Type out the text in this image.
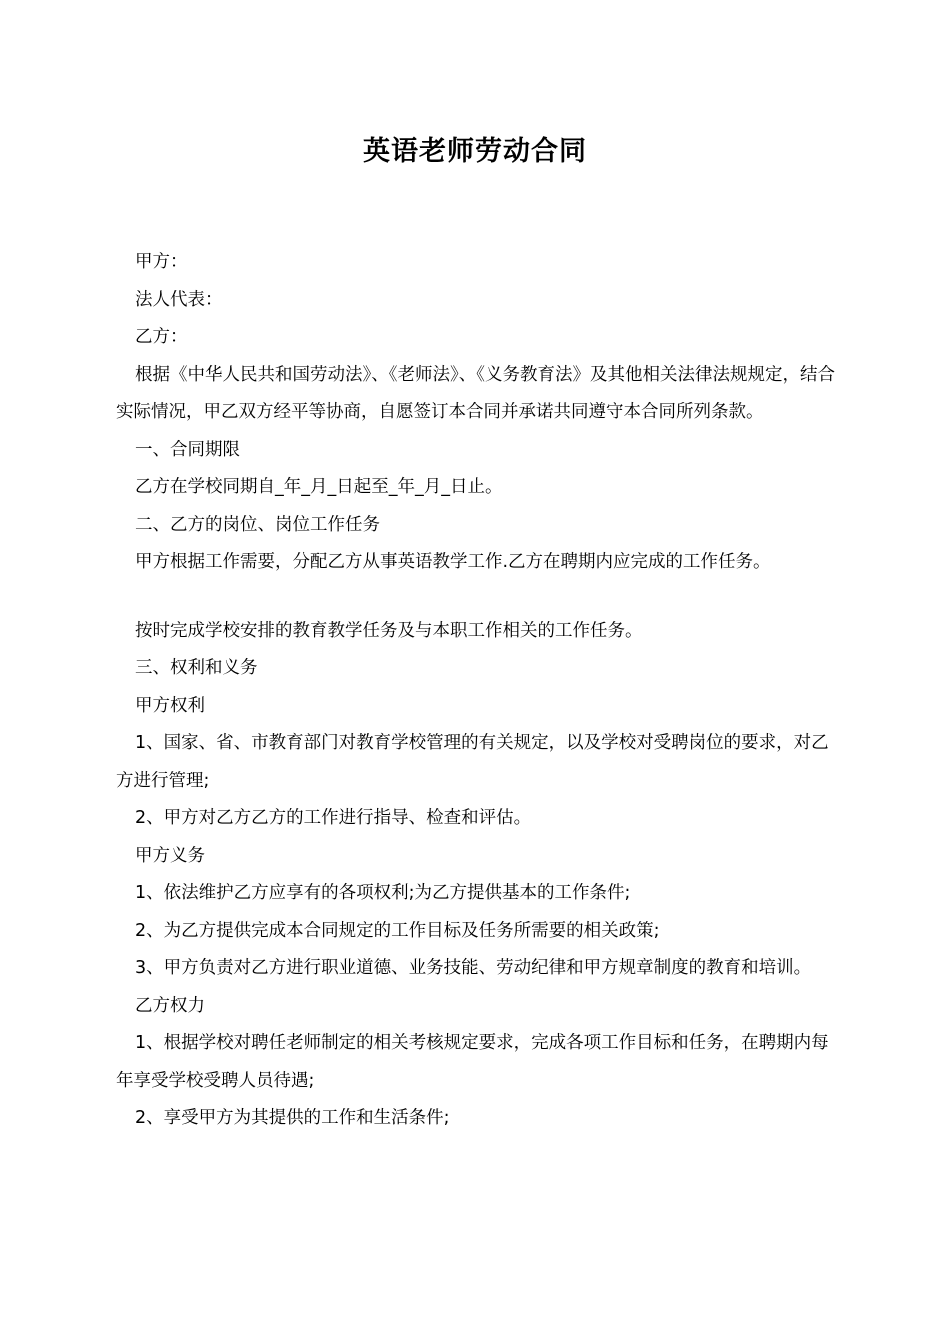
英语老师劳动合同

甲方：

法人代表：

乙方：

根据《中华人民共和国劳动法》、《老师法》、《义务教育法》及其他相关法律法规规定，结合实际情况，甲乙双方经平等协商，自愿签订本合同并承诺共同遵守本合同所列条款。

一、合同期限

乙方在学校同期自_年_月_日起至_年_月_日止。

二、乙方的岗位、岗位工作任务

甲方根据工作需要，分配乙方从事英语教学工作.乙方在聘期内应完成的工作任务。

按时完成学校安排的教育教学任务及与本职工作相关的工作任务。

三、权利和义务

甲方权利

1、国家、省、市教育部门对教育学校管理的有关规定，以及学校对受聘岗位的要求，对乙方进行管理;

2、甲方对乙方乙方的工作进行指导、检查和评估。

甲方义务

1、依法维护乙方应享有的各项权利;为乙方提供基本的工作条件;

2、为乙方提供完成本合同规定的工作目标及任务所需要的相关政策;

3、甲方负责对乙方进行职业道德、业务技能、劳动纪律和甲方规章制度的教育和培训。

乙方权力

1、根据学校对聘任老师制定的相关考核规定要求，完成各项工作目标和任务，在聘期内每年享受学校受聘人员待遇;

2、享受甲方为其提供的工作和生活条件;
